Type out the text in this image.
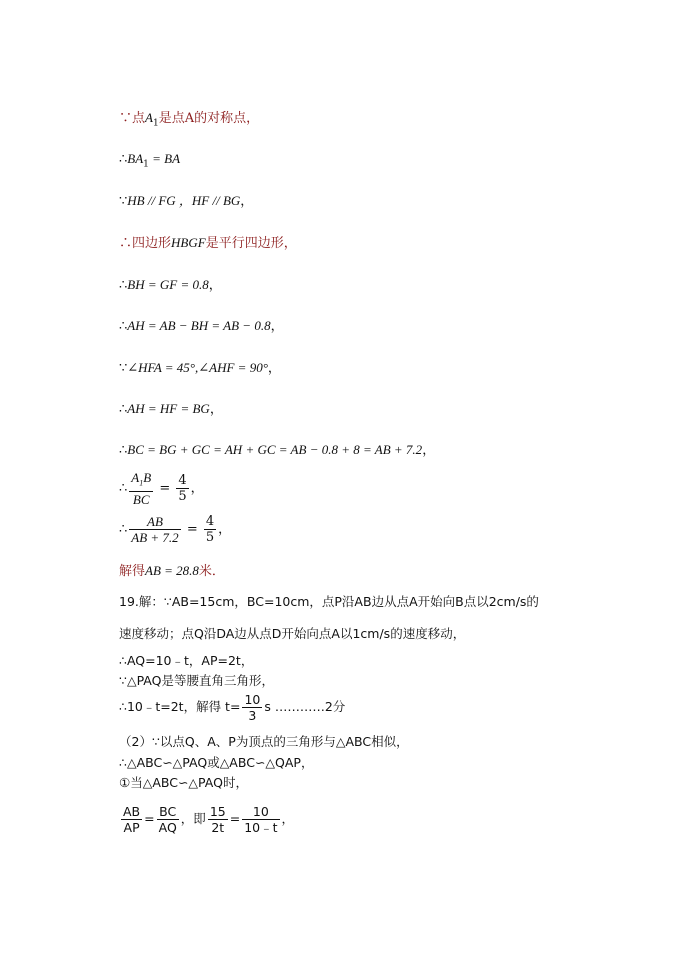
∵点$A_1$是点A的对称点，
$\therefore BA_1$ = BA
∵HB // FG ，HF // BG，
∴四边形HBGF是平行四边形，
∴BH = GF = 0.8，
∴AH = AB − BH = AB − 0.8，
∵∠HFA = 45°,∠AHF = 90°，
∴AH = HF = BG，
∴BC = BG + GC = AH + GC = AB − 0.8 + 8 = AB + 7.2，
∴ $\frac{A_1B}{BC} = \frac{4}{5}$ ，
∴ $\frac{AB}{AB + 7.2} = \frac{4}{5}$ ，
解得AB = 28.8米．
19.解：∵AB=15cm，BC=10cm，点P沿AB边从点A开始向B点以2cm/s的
速度移动；点Q沿DA边从点D开始向点A以1cm/s的速度移动，
∴AQ=10﹣t，AP=2t，
∵△PAQ是等腰直角三角形，
∴10﹣t=2t，解得 $t= \frac{10}{3}$ s …………2分
（2）∵以点Q、A、P为顶点的三角形与△ABC相似，
∴△ABC∽△PAQ或△ABC∽△QAP，
①当△ABC∽△PAQ时，
$\frac{AB}{AP} = \frac{BC}{AQ}$ ，即 $\frac{15}{2t} = \frac{10}{10﹣t}$ ，
